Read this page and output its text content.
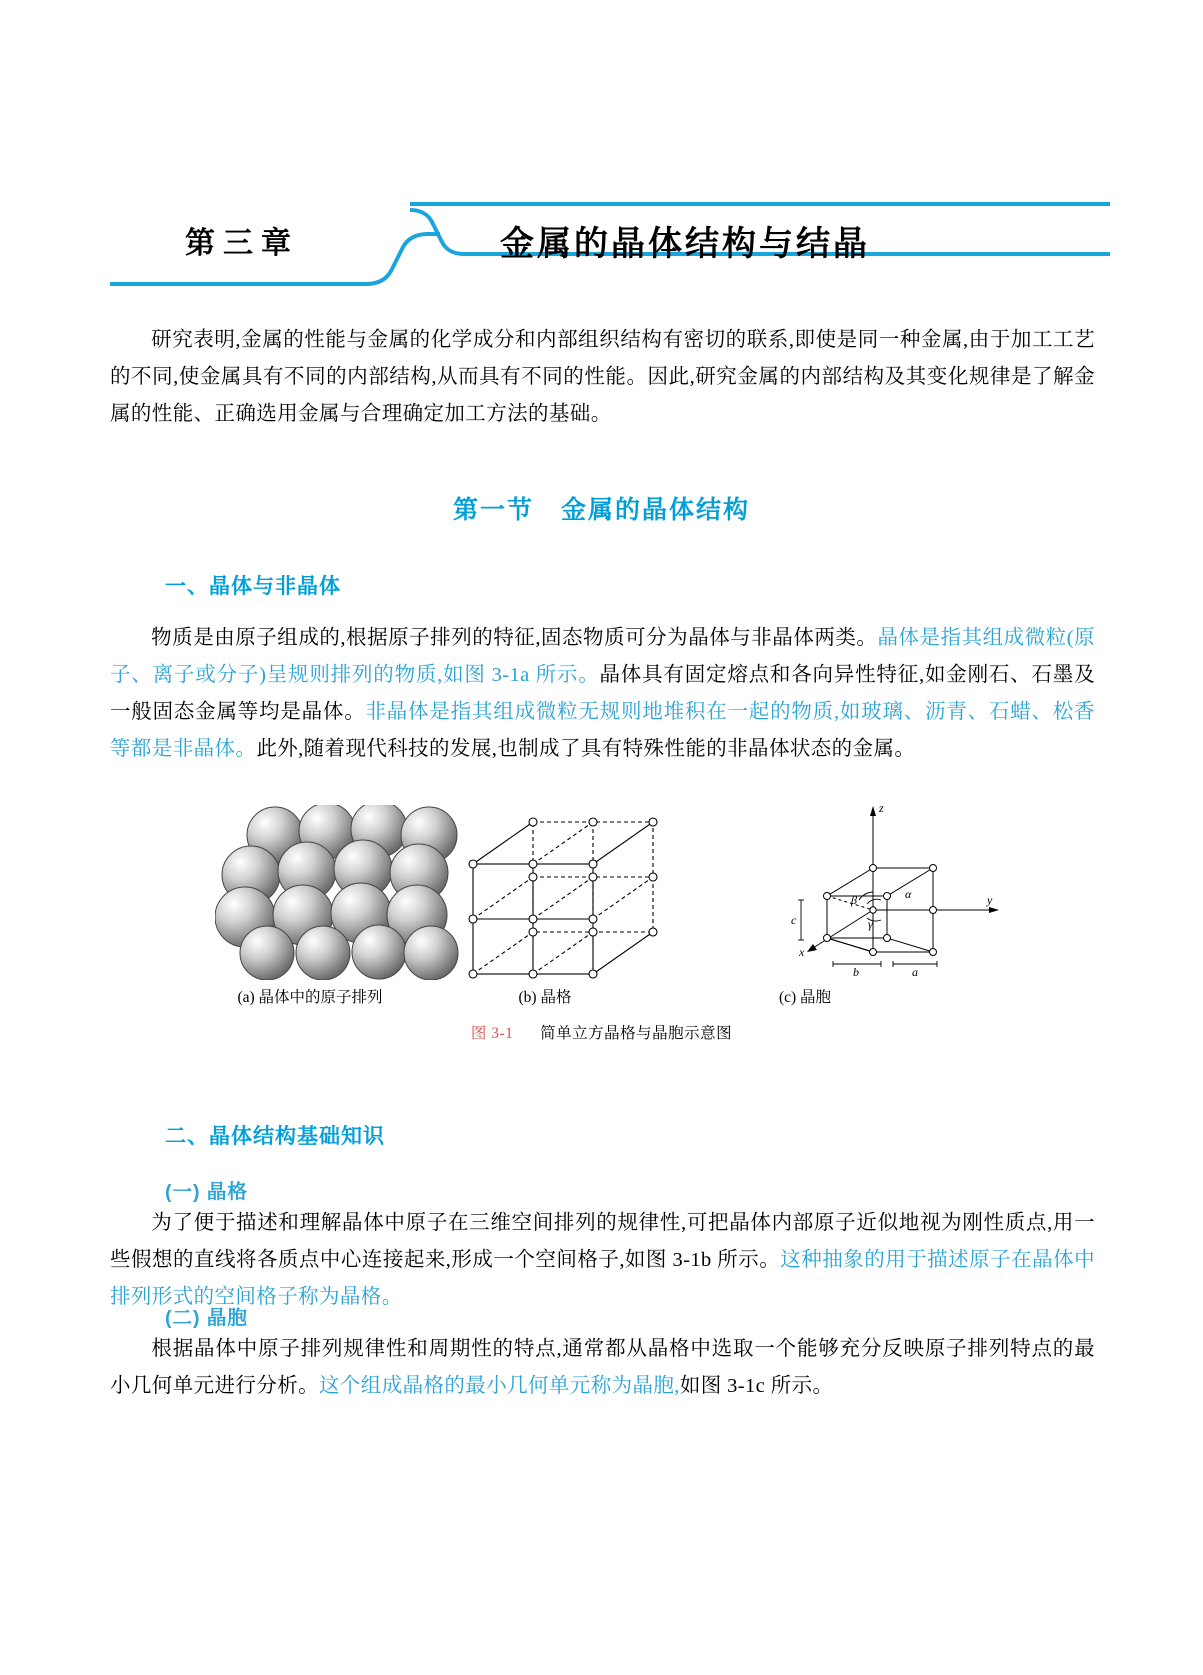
第三章	金属的晶体结构与结晶
研究表明,金属的性能与金属的化学成分和内部组织结构有密切的联系,即使是同一种金属,由于加工工艺的不同,使金属具有不同的内部结构,从而具有不同的性能。因此,研究金属的内部结构及其变化规律是了解金属的性能、正确选用金属与合理确定加工方法的基础。
第一节　金属的晶体结构
一、晶体与非晶体
物质是由原子组成的,根据原子排列的特征,固态物质可分为晶体与非晶体两类。晶体是指其组成微粒(原子、离子或分子)呈规则排列的物质,如图 3-1a 所示。晶体具有固定熔点和各向异性特征,如金刚石、石墨及一般固态金属等均是晶体。非晶体是指其组成微粒无规则地堆积在一起的物质,如玻璃、沥青、石蜡、松香等都是非晶体。此外,随着现代科技的发展,也制成了具有特殊性能的非晶体状态的金属。
z
y
x
c
b	a
α
β
γ
(a) 晶体中的原子排列	(b) 晶格	(c) 晶胞
图 3-1 简单立方晶格与晶胞示意图
二、晶体结构基础知识
(一) 晶格
为了便于描述和理解晶体中原子在三维空间排列的规律性,可把晶体内部原子近似地视为刚性质点,用一些假想的直线将各质点中心连接起来,形成一个空间格子,如图 3-1b 所示。这种抽象的用于描述原子在晶体中排列形式的空间格子称为晶格。
(二) 晶胞
根据晶体中原子排列规律性和周期性的特点,通常都从晶格中选取一个能够充分反映原子排列特点的最小几何单元进行分析。这个组成晶格的最小几何单元称为晶胞,如图 3-1c 所示。
